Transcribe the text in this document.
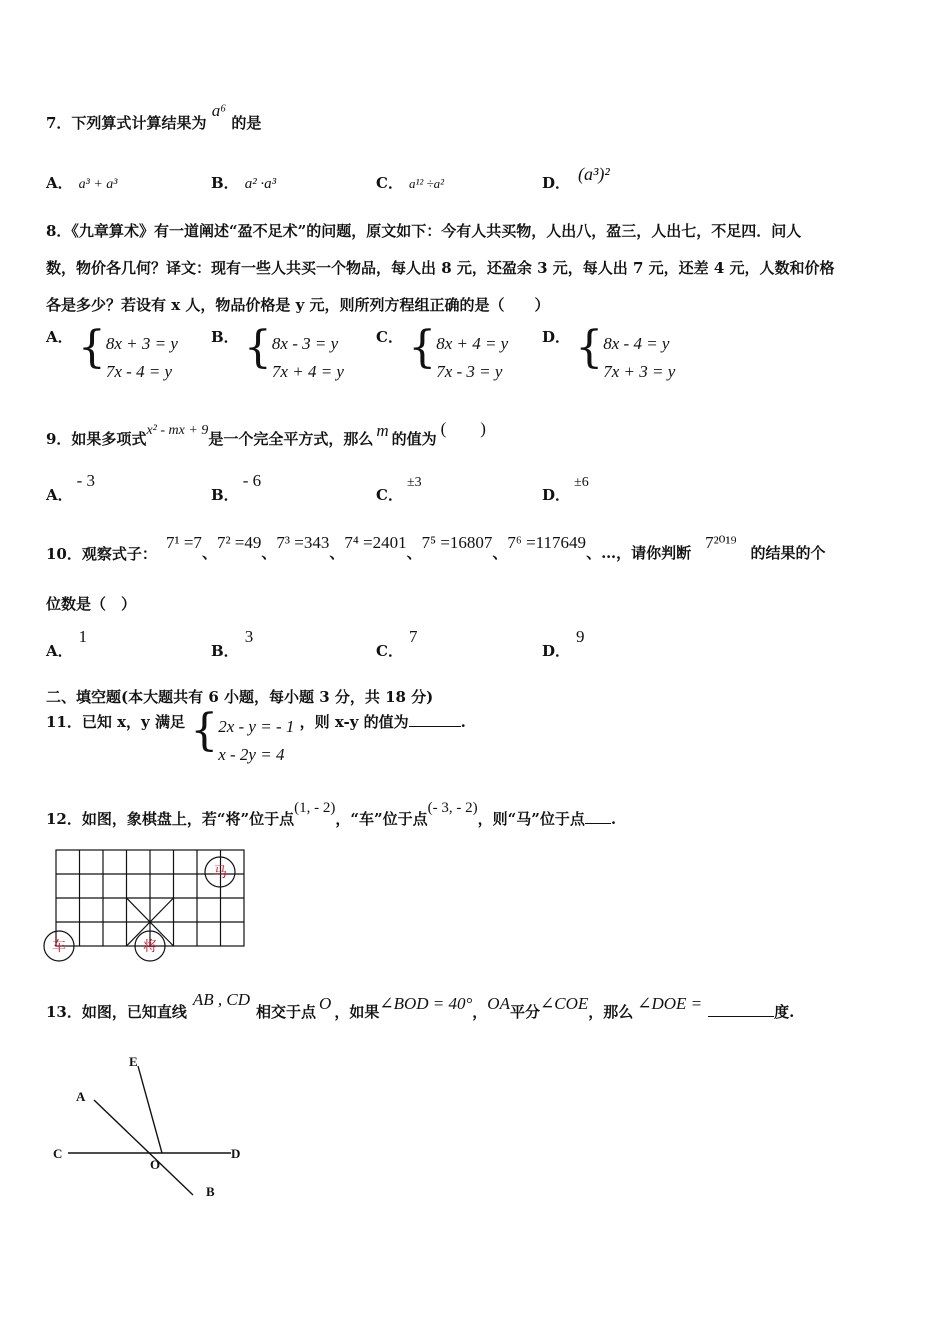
7．下列算式计算结果为 a⁶ 的是
A． a³ + a³	B． a² ·a³	C． a¹² ÷a²	D． (a³)²
8．《九章算术》有一道阐述“盈不足术”的问题，原文如下：今有人共买物，人出八，盈三，人出七，不足四．问人
数，物价各几何？译文：现有一些人共买一个物品，每人出 8 元，还盈余 3 元，每人出 7 元，还差 4 元，人数和价格
各是多少？若设有 x 人，物品价格是 y 元，则所列方程组正确的是（　　）
A． {8x + 3 = y
7x - 4 = y
B． {8x - 3 = y
7x + 4 = y
C． {8x + 4 = y
7x - 3 = y
D． {8x - 4 = y
7x + 3 = y
9．如果多项式x² - mx + 9是一个完全平方式，那么 m 的值为(　　)
A．- 3
B．- 6
C．±3
D．±6
10．观察式子：
7¹ =7、7² =49、7³ =343、7⁴ =2401、7⁵ =16807、7⁶ =117649、…，请你判断7²⁰¹⁹的结果的个
位数是（　）
A．1
B．3
C．7
D．9
二、填空题(本大题共有 6 小题，每小题 3 分，共 18 分)
11．已知 x，y 满足 {2x - y = - 1
x - 2y = 4 ，则 x-y 的值为	.
12．如图，象棋盘上，若“将”位于点(1, - 2)，“车”位于点(- 3, - 2)，则“马”位于点 .
马
车	将
13．如图，已知直线AB , CD相交于点 O ，如果∠BOD = 40°，OA平分∠COE，那么 ∠DOE =	度.
E
A
C
O
D
B
